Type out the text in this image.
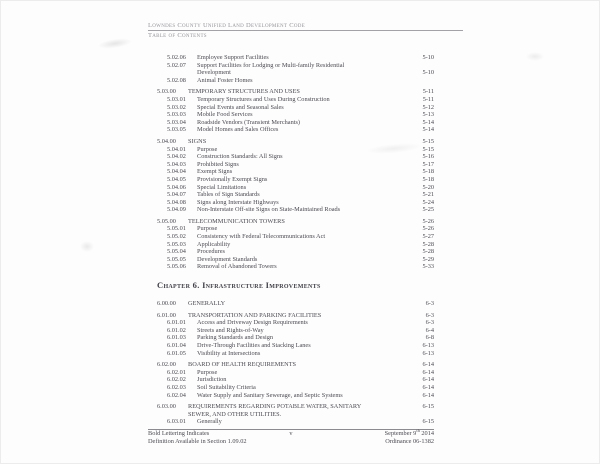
Lowndes County Unified Land Development Code
Table of Contents
5.02.06 Employee Support Facilities	5-10
5.02.07 Support Facilities for Lodging or Multi-family Residential
Development	5-10
5.02.08 Animal Foster Homes
5.03.00 TEMPORARY STRUCTURES AND USES	5-11
5.03.01 Temporary Structures and Uses During Construction	5-11
5.03.02 Special Events and Seasonal Sales	5-12
5.03.03 Mobile Food Services	5-13
5.03.04 Roadside Vendors (Transient Merchants)	5-14
5.03.05 Model Homes and Sales Offices	5-14
5.04.00 SIGNS	5-15
5.04.01 Purpose	5-15
5.04.02 Construction Standards: All Signs	5-16
5.04.03 Prohibited Signs	5-17
5.04.04 Exempt Signs	5-18
5.04.05 Provisionally Exempt Signs	5-18
5.04.06 Special Limitations	5-20
5.04.07 Tables of Sign Standards	5-21
5.04.08 Signs along Interstate Highways	5-24
5.04.09 Non-Interstate Off-site Signs on State-Maintained Roads	5-25
5.05.00 TELECOMMUNICATION TOWERS	5-26
5.05.01 Purpose	5-26
5.05.02 Consistency with Federal Telecommunications Act	5-27
5.05.03 Applicability	5-28
5.05.04 Procedures	5-28
5.05.05 Development Standards	5-29
5.05.06 Removal of Abandoned Towers	5-33
Chapter 6. Infrastructure Improvements
6.00.00 GENERALLY	6-3
6.01.00 TRANSPORTATION AND PARKING FACILITIES	6-3
6.01.01 Access and Driveway Design Requirements	6-3
6.01.02 Streets and Rights-of-Way	6-4
6.01.03 Parking Standards and Design	6-8
6.01.04 Drive-Through Facilities and Stacking Lanes	6-13
6.01.05 Visibility at Intersections	6-13
6.02.00 BOARD OF HEALTH REQUIREMENTS	6-14
6.02.01 Purpose	6-14
6.02.02 Jurisdiction	6-14
6.02.03 Soil Suitability Criteria	6-14
6.02.04 Water Supply and Sanitary Sewerage, and Septic Systems	6-14
6.03.00 REQUIREMENTS REGARDING POTABLE WATER, SANITARY
SEWER, AND OTHER UTILITIES.
6-15
6.03.01 Generally	6-15
Bold Lettering Indicates
Definition Available in Section 1.09.02
v	September 9th 2014
Ordinance 06-1382
